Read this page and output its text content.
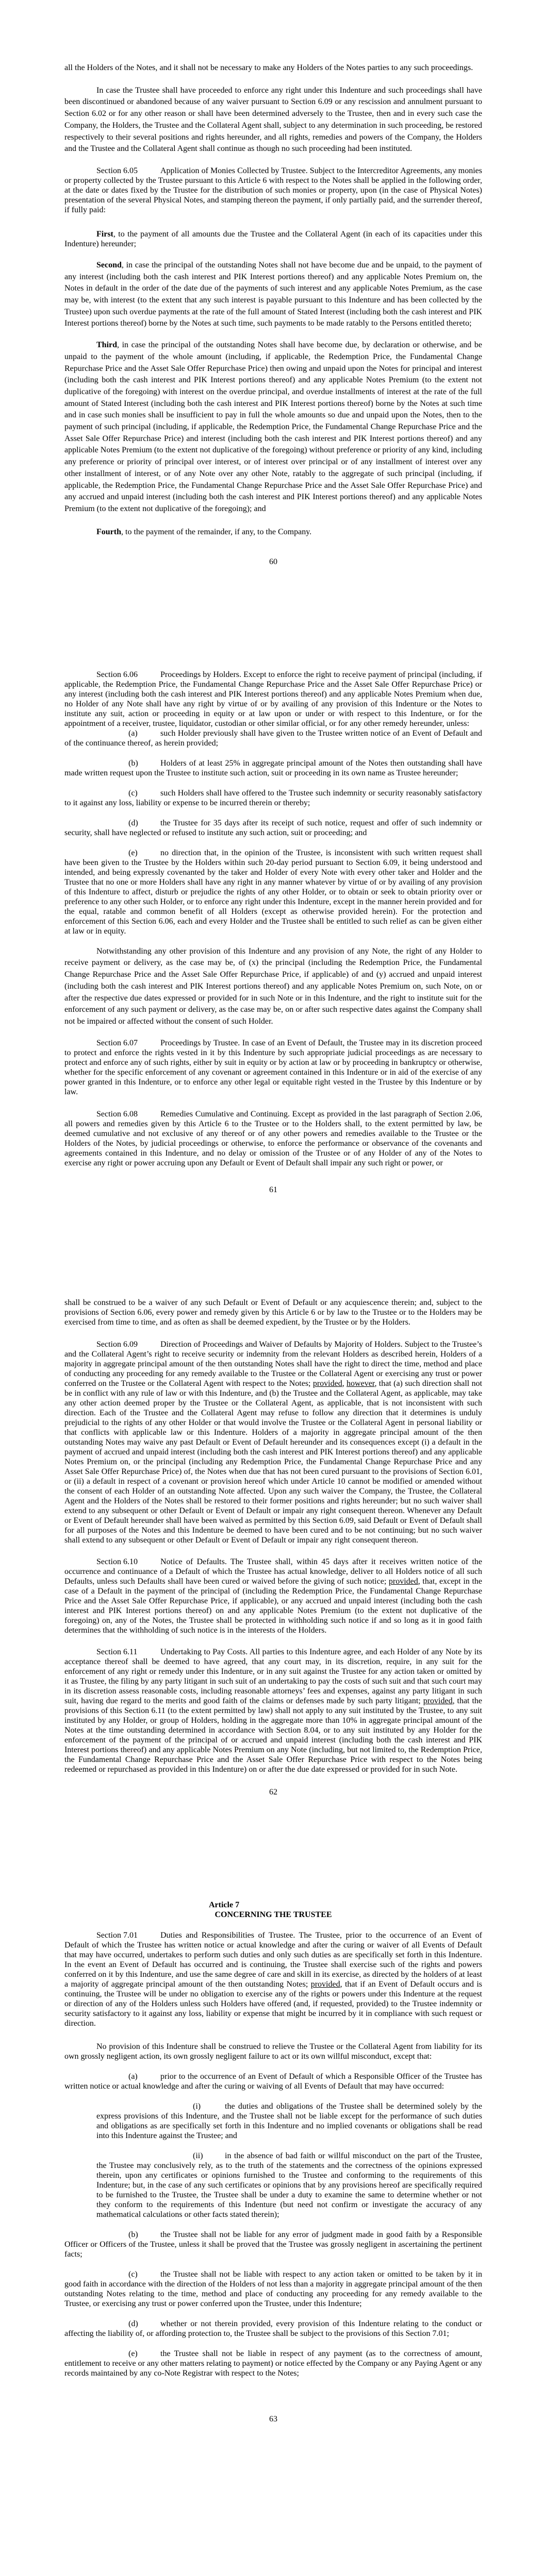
all the Holders of the Notes, and it shall not be necessary to make any Holders of the Notes parties to any such proceedings.

In case the Trustee shall have proceeded to enforce any right under this Indenture and such proceedings shall have been discontinued or abandoned because of any waiver pursuant to Section 6.09 or any rescission and annulment pursuant to Section 6.02 or for any other reason or shall have been determined adversely to the Trustee, then and in every such case the Company, the Holders, the Trustee and the Collateral Agent shall, subject to any determination in such proceeding, be restored respectively to their several positions and rights hereunder, and all rights, remedies and powers of the Company, the Holders and the Trustee and the Collateral Agent shall continue as though no such proceeding had been instituted.

Section 6.05	Application of Monies Collected by Trustee. Subject to the Intercreditor Agreements, any monies or property collected by the Trustee pursuant to this Article 6 with respect to the Notes shall be applied in the following order, at the date or dates fixed by the Trustee for the distribution of such monies or property, upon (in the case of Physical Notes) presentation of the several Physical Notes, and stamping thereon the payment, if only partially paid, and the surrender thereof, if fully paid:

First, to the payment of all amounts due the Trustee and the Collateral Agent (in each of its capacities under this Indenture) hereunder;

Second, in case the principal of the outstanding Notes shall not have become due and be unpaid, to the payment of any interest (including both the cash interest and PIK Interest portions thereof) and any applicable Notes Premium on, the Notes in default in the order of the date due of the payments of such interest and any applicable Notes Premium, as the case may be, with interest (to the extent that any such interest is payable pursuant to this Indenture and has been collected by the Trustee) upon such overdue payments at the rate of the full amount of Stated Interest (including both the cash interest and PIK Interest portions thereof) borne by the Notes at such time, such payments to be made ratably to the Persons entitled thereto;

Third, in case the principal of the outstanding Notes shall have become due, by declaration or otherwise, and be unpaid to the payment of the whole amount (including, if applicable, the Redemption Price, the Fundamental Change Repurchase Price and the Asset Sale Offer Repurchase Price) then owing and unpaid upon the Notes for principal and interest (including both the cash interest and PIK Interest portions thereof) and any applicable Notes Premium (to the extent not duplicative of the foregoing) with interest on the overdue principal, and overdue installments of interest at the rate of the full amount of Stated Interest (including both the cash interest and PIK Interest portions thereof) borne by the Notes at such time and in case such monies shall be insufficient to pay in full the whole amounts so due and unpaid upon the Notes, then to the payment of such principal (including, if applicable, the Redemption Price, the Fundamental Change Repurchase Price and the Asset Sale Offer Repurchase Price) and interest (including both the cash interest and PIK Interest portions thereof) and any applicable Notes Premium (to the extent not duplicative of the foregoing) without preference or priority of any kind, including any preference or priority of principal over interest, or of interest over principal or of any installment of interest over any other installment of interest, or of any Note over any other Note, ratably to the aggregate of such principal (including, if applicable, the Redemption Price, the Fundamental Change Repurchase Price and the Asset Sale Offer Repurchase Price) and any accrued and unpaid interest (including both the cash interest and PIK Interest portions thereof) and any applicable Notes Premium (to the extent not duplicative of the foregoing); and

Fourth, to the payment of the remainder, if any, to the Company.

60

Section 6.06	Proceedings by Holders. Except to enforce the right to receive payment of principal (including, if applicable, the Redemption Price, the Fundamental Change Repurchase Price and the Asset Sale Offer Repurchase Price) or any interest (including both the cash interest and PIK Interest portions thereof) and any applicable Notes Premium when due, no Holder of any Note shall have any right by virtue of or by availing of any provision of this Indenture or the Notes to institute any suit, action or proceeding in equity or at law upon or under or with respect to this Indenture, or for the appointment of a receiver, trustee, liquidator, custodian or other similar official, or for any other remedy hereunder, unless:

(a)	such Holder previously shall have given to the Trustee written notice of an Event of Default and of the continuance thereof, as herein provided;

(b)	Holders of at least 25% in aggregate principal amount of the Notes then outstanding shall have made written request upon the Trustee to institute such action, suit or proceeding in its own name as Trustee hereunder;

(c)	such Holders shall have offered to the Trustee such indemnity or security reasonably satisfactory to it against any loss, liability or expense to be incurred therein or thereby;

(d)	the Trustee for 35 days after its receipt of such notice, request and offer of such indemnity or security, shall have neglected or refused to institute any such action, suit or proceeding; and

(e)	no direction that, in the opinion of the Trustee, is inconsistent with such written request shall have been given to the Trustee by the Holders within such 20-day period pursuant to Section 6.09, it being understood and intended, and being expressly covenanted by the taker and Holder of every Note with every other taker and Holder and the Trustee that no one or more Holders shall have any right in any manner whatever by virtue of or by availing of any provision of this Indenture to affect, disturb or prejudice the rights of any other Holder, or to obtain or seek to obtain priority over or preference to any other such Holder, or to enforce any right under this Indenture, except in the manner herein provided and for the equal, ratable and common benefit of all Holders (except as otherwise provided herein). For the protection and enforcement of this Section 6.06, each and every Holder and the Trustee shall be entitled to such relief as can be given either at law or in equity.

Notwithstanding any other provision of this Indenture and any provision of any Note, the right of any Holder to receive payment or delivery, as the case may be, of (x) the principal (including the Redemption Price, the Fundamental Change Repurchase Price and the Asset Sale Offer Repurchase Price, if applicable) of and (y) accrued and unpaid interest (including both the cash interest and PIK Interest portions thereof) and any applicable Notes Premium on, such Note, on or after the respective due dates expressed or provided for in such Note or in this Indenture, and the right to institute suit for the enforcement of any such payment or delivery, as the case may be, on or after such respective dates against the Company shall not be impaired or affected without the consent of such Holder.

Section 6.07	Proceedings by Trustee. In case of an Event of Default, the Trustee may in its discretion proceed to protect and enforce the rights vested in it by this Indenture by such appropriate judicial proceedings as are necessary to protect and enforce any of such rights, either by suit in equity or by action at law or by proceeding in bankruptcy or otherwise, whether for the specific enforcement of any covenant or agreement contained in this Indenture or in aid of the exercise of any power granted in this Indenture, or to enforce any other legal or equitable right vested in the Trustee by this Indenture or by law.

Section 6.08	Remedies Cumulative and Continuing. Except as provided in the last paragraph of Section 2.06, all powers and remedies given by this Article 6 to the Trustee or to the Holders shall, to the extent permitted by law, be deemed cumulative and not exclusive of any thereof or of any other powers and remedies available to the Trustee or the Holders of the Notes, by judicial proceedings or otherwise, to enforce the performance or observance of the covenants and agreements contained in this Indenture, and no delay or omission of the Trustee or of any Holder of any of the Notes to exercise any right or power accruing upon any Default or Event of Default shall impair any such right or power, or

61

shall be construed to be a waiver of any such Default or Event of Default or any acquiescence therein; and, subject to the provisions of Section 6.06, every power and remedy given by this Article 6 or by law to the Trustee or to the Holders may be exercised from time to time, and as often as shall be deemed expedient, by the Trustee or by the Holders.

Section 6.09	Direction of Proceedings and Waiver of Defaults by Majority of Holders. Subject to the Trustee’s and the Collateral Agent’s right to receive security or indemnity from the relevant Holders as described herein, Holders of a majority in aggregate principal amount of the then outstanding Notes shall have the right to direct the time, method and place of conducting any proceeding for any remedy available to the Trustee or the Collateral Agent or exercising any trust or power conferred on the Trustee or the Collateral Agent with respect to the Notes; provided, however, that (a) such direction shall not be in conflict with any rule of law or with this Indenture, and (b) the Trustee and the Collateral Agent, as applicable, may take any other action deemed proper by the Trustee or the Collateral Agent, as applicable, that is not inconsistent with such direction. Each of the Trustee and the Collateral Agent may refuse to follow any direction that it determines is unduly prejudicial to the rights of any other Holder or that would involve the Trustee or the Collateral Agent in personal liability or that conflicts with applicable law or this Indenture. Holders of a majority in aggregate principal amount of the then outstanding Notes may waive any past Default or Event of Default hereunder and its consequences except (i) a default in the payment of accrued and unpaid interest (including both the cash interest and PIK Interest portions thereof) and any applicable Notes Premium on, or the principal (including any Redemption Price, the Fundamental Change Repurchase Price and any Asset Sale Offer Repurchase Price) of, the Notes when due that has not been cured pursuant to the provisions of Section 6.01, or (ii) a default in respect of a covenant or provision hereof which under Article 10 cannot be modified or amended without the consent of each Holder of an outstanding Note affected. Upon any such waiver the Company, the Trustee, the Collateral Agent and the Holders of the Notes shall be restored to their former positions and rights hereunder; but no such waiver shall extend to any subsequent or other Default or Event of Default or impair any right consequent thereon. Whenever any Default or Event of Default hereunder shall have been waived as permitted by this Section 6.09, said Default or Event of Default shall for all purposes of the Notes and this Indenture be deemed to have been cured and to be not continuing; but no such waiver shall extend to any subsequent or other Default or Event of Default or impair any right consequent thereon.

Section 6.10	Notice of Defaults. The Trustee shall, within 45 days after it receives written notice of the occurrence and continuance of a Default of which the Trustee has actual knowledge, deliver to all Holders notice of all such Defaults, unless such Defaults shall have been cured or waived before the giving of such notice; provided, that, except in the case of a Default in the payment of the principal of (including the Redemption Price, the Fundamental Change Repurchase Price and the Asset Sale Offer Repurchase Price, if applicable), or any accrued and unpaid interest (including both the cash interest and PIK Interest portions thereof) on and any applicable Notes Premium (to the extent not duplicative of the foregoing) on, any of the Notes, the Trustee shall be protected in withholding such notice if and so long as it in good faith determines that the withholding of such notice is in the interests of the Holders.

Section 6.11	Undertaking to Pay Costs. All parties to this Indenture agree, and each Holder of any Note by its acceptance thereof shall be deemed to have agreed, that any court may, in its discretion, require, in any suit for the enforcement of any right or remedy under this Indenture, or in any suit against the Trustee for any action taken or omitted by it as Trustee, the filing by any party litigant in such suit of an undertaking to pay the costs of such suit and that such court may in its discretion assess reasonable costs, including reasonable attorneys’ fees and expenses, against any party litigant in such suit, having due regard to the merits and good faith of the claims or defenses made by such party litigant; provided, that the provisions of this Section 6.11 (to the extent permitted by law) shall not apply to any suit instituted by the Trustee, to any suit instituted by any Holder, or group of Holders, holding in the aggregate more than 10% in aggregate principal amount of the Notes at the time outstanding determined in accordance with Section 8.04, or to any suit instituted by any Holder for the enforcement of the payment of the principal of or accrued and unpaid interest (including both the cash interest and PIK Interest portions thereof) and any applicable Notes Premium on any Note (including, but not limited to, the Redemption Price, the Fundamental Change Repurchase Price and the Asset Sale Offer Repurchase Price with respect to the Notes being redeemed or repurchased as provided in this Indenture) on or after the due date expressed or provided for in such Note.

62
Article 7
CONCERNING THE TRUSTEE

Section 7.01	Duties and Responsibilities of Trustee. The Trustee, prior to the occurrence of an Event of Default of which the Trustee has written notice or actual knowledge and after the curing or waiver of all Events of Default that may have occurred, undertakes to perform such duties and only such duties as are specifically set forth in this Indenture. In the event an Event of Default has occurred and is continuing, the Trustee shall exercise such of the rights and powers conferred on it by this Indenture, and use the same degree of care and skill in its exercise, as directed by the holders of at least a majority of aggregate principal amount of the then outstanding Notes; provided, that if an Event of Default occurs and is continuing, the Trustee will be under no obligation to exercise any of the rights or powers under this Indenture at the request or direction of any of the Holders unless such Holders have offered (and, if requested, provided) to the Trustee indemnity or security satisfactory to it against any loss, liability or expense that might be incurred by it in compliance with such request or direction.

No provision of this Indenture shall be construed to relieve the Trustee or the Collateral Agent from liability for its own grossly negligent action, its own grossly negligent failure to act or its own willful misconduct, except that:

(a)	prior to the occurrence of an Event of Default of which a Responsible Officer of the Trustee has written notice or actual knowledge and after the curing or waiving of all Events of Default that may have occurred:

(i)	the duties and obligations of the Trustee shall be determined solely by the express provisions of this Indenture, and the Trustee shall not be liable except for the performance of such duties and obligations as are specifically set forth in this Indenture and no implied covenants or obligations shall be read into this Indenture against the Trustee; and

(ii)	in the absence of bad faith or willful misconduct on the part of the Trustee, the Trustee may conclusively rely, as to the truth of the statements and the correctness of the opinions expressed therein, upon any certificates or opinions furnished to the Trustee and conforming to the requirements of this Indenture; but, in the case of any such certificates or opinions that by any provisions hereof are specifically required to be furnished to the Trustee, the Trustee shall be under a duty to examine the same to determine whether or not they conform to the requirements of this Indenture (but need not confirm or investigate the accuracy of any mathematical calculations or other facts stated therein);

(b)	the Trustee shall not be liable for any error of judgment made in good faith by a Responsible Officer or Officers of the Trustee, unless it shall be proved that the Trustee was grossly negligent in ascertaining the pertinent facts;

(c)	the Trustee shall not be liable with respect to any action taken or omitted to be taken by it in good faith in accordance with the direction of the Holders of not less than a majority in aggregate principal amount of the then outstanding Notes relating to the time, method and place of conducting any proceeding for any remedy available to the Trustee, or exercising any trust or power conferred upon the Trustee, under this Indenture;

(d)	whether or not therein provided, every provision of this Indenture relating to the conduct or affecting the liability of, or affording protection to, the Trustee shall be subject to the provisions of this Section 7.01;

(e)	the Trustee shall not be liable in respect of any payment (as to the correctness of amount, entitlement to receive or any other matters relating to payment) or notice effected by the Company or any Paying Agent or any records maintained by any co-Note Registrar with respect to the Notes;

63
